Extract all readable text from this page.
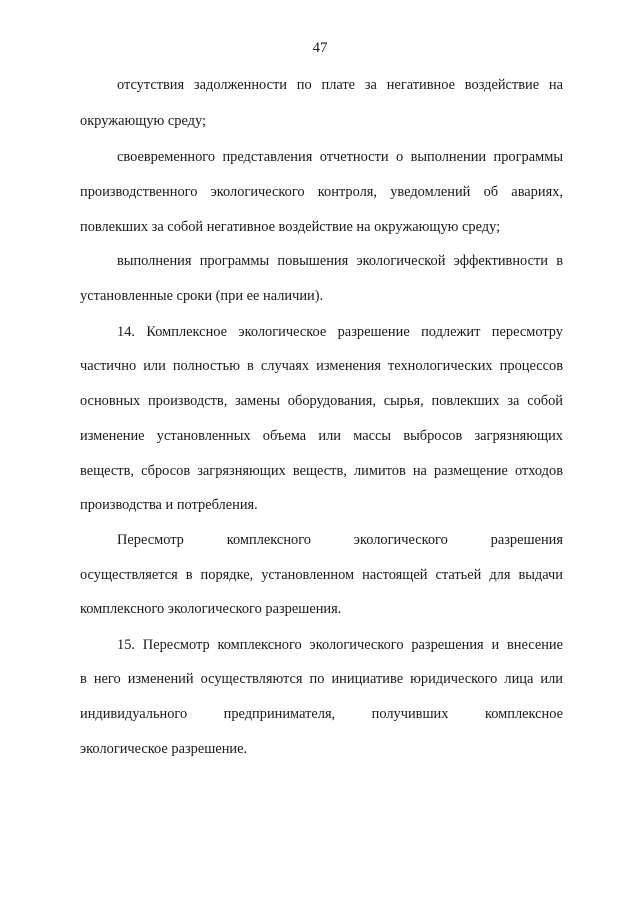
47
отсутствия задолженности по плате за негативное воздействие на
окружающую среду;
своевременного представления отчетности о выполнении программы
производственного экологического контроля, уведомлений об авариях,
повлекших за собой негативное воздействие на окружающую среду;
выполнения программы повышения экологической эффективности в
установленные сроки (при ее наличии).
14. Комплексное экологическое разрешение подлежит пересмотру
частично или полностью в случаях изменения технологических процессов
основных производств, замены оборудования, сырья, повлекших за собой
изменение установленных объема или массы выбросов загрязняющих
веществ, сбросов загрязняющих веществ, лимитов на размещение отходов
производства и потребления.
Пересмотр комплексного экологического разрешения
осуществляется в порядке, установленном настоящей статьей для выдачи
комплексного экологического разрешения.
15. Пересмотр комплексного экологического разрешения и внесение
в него изменений осуществляются по инициативе юридического лица или
индивидуального предпринимателя, получивших комплексное
экологическое разрешение.
